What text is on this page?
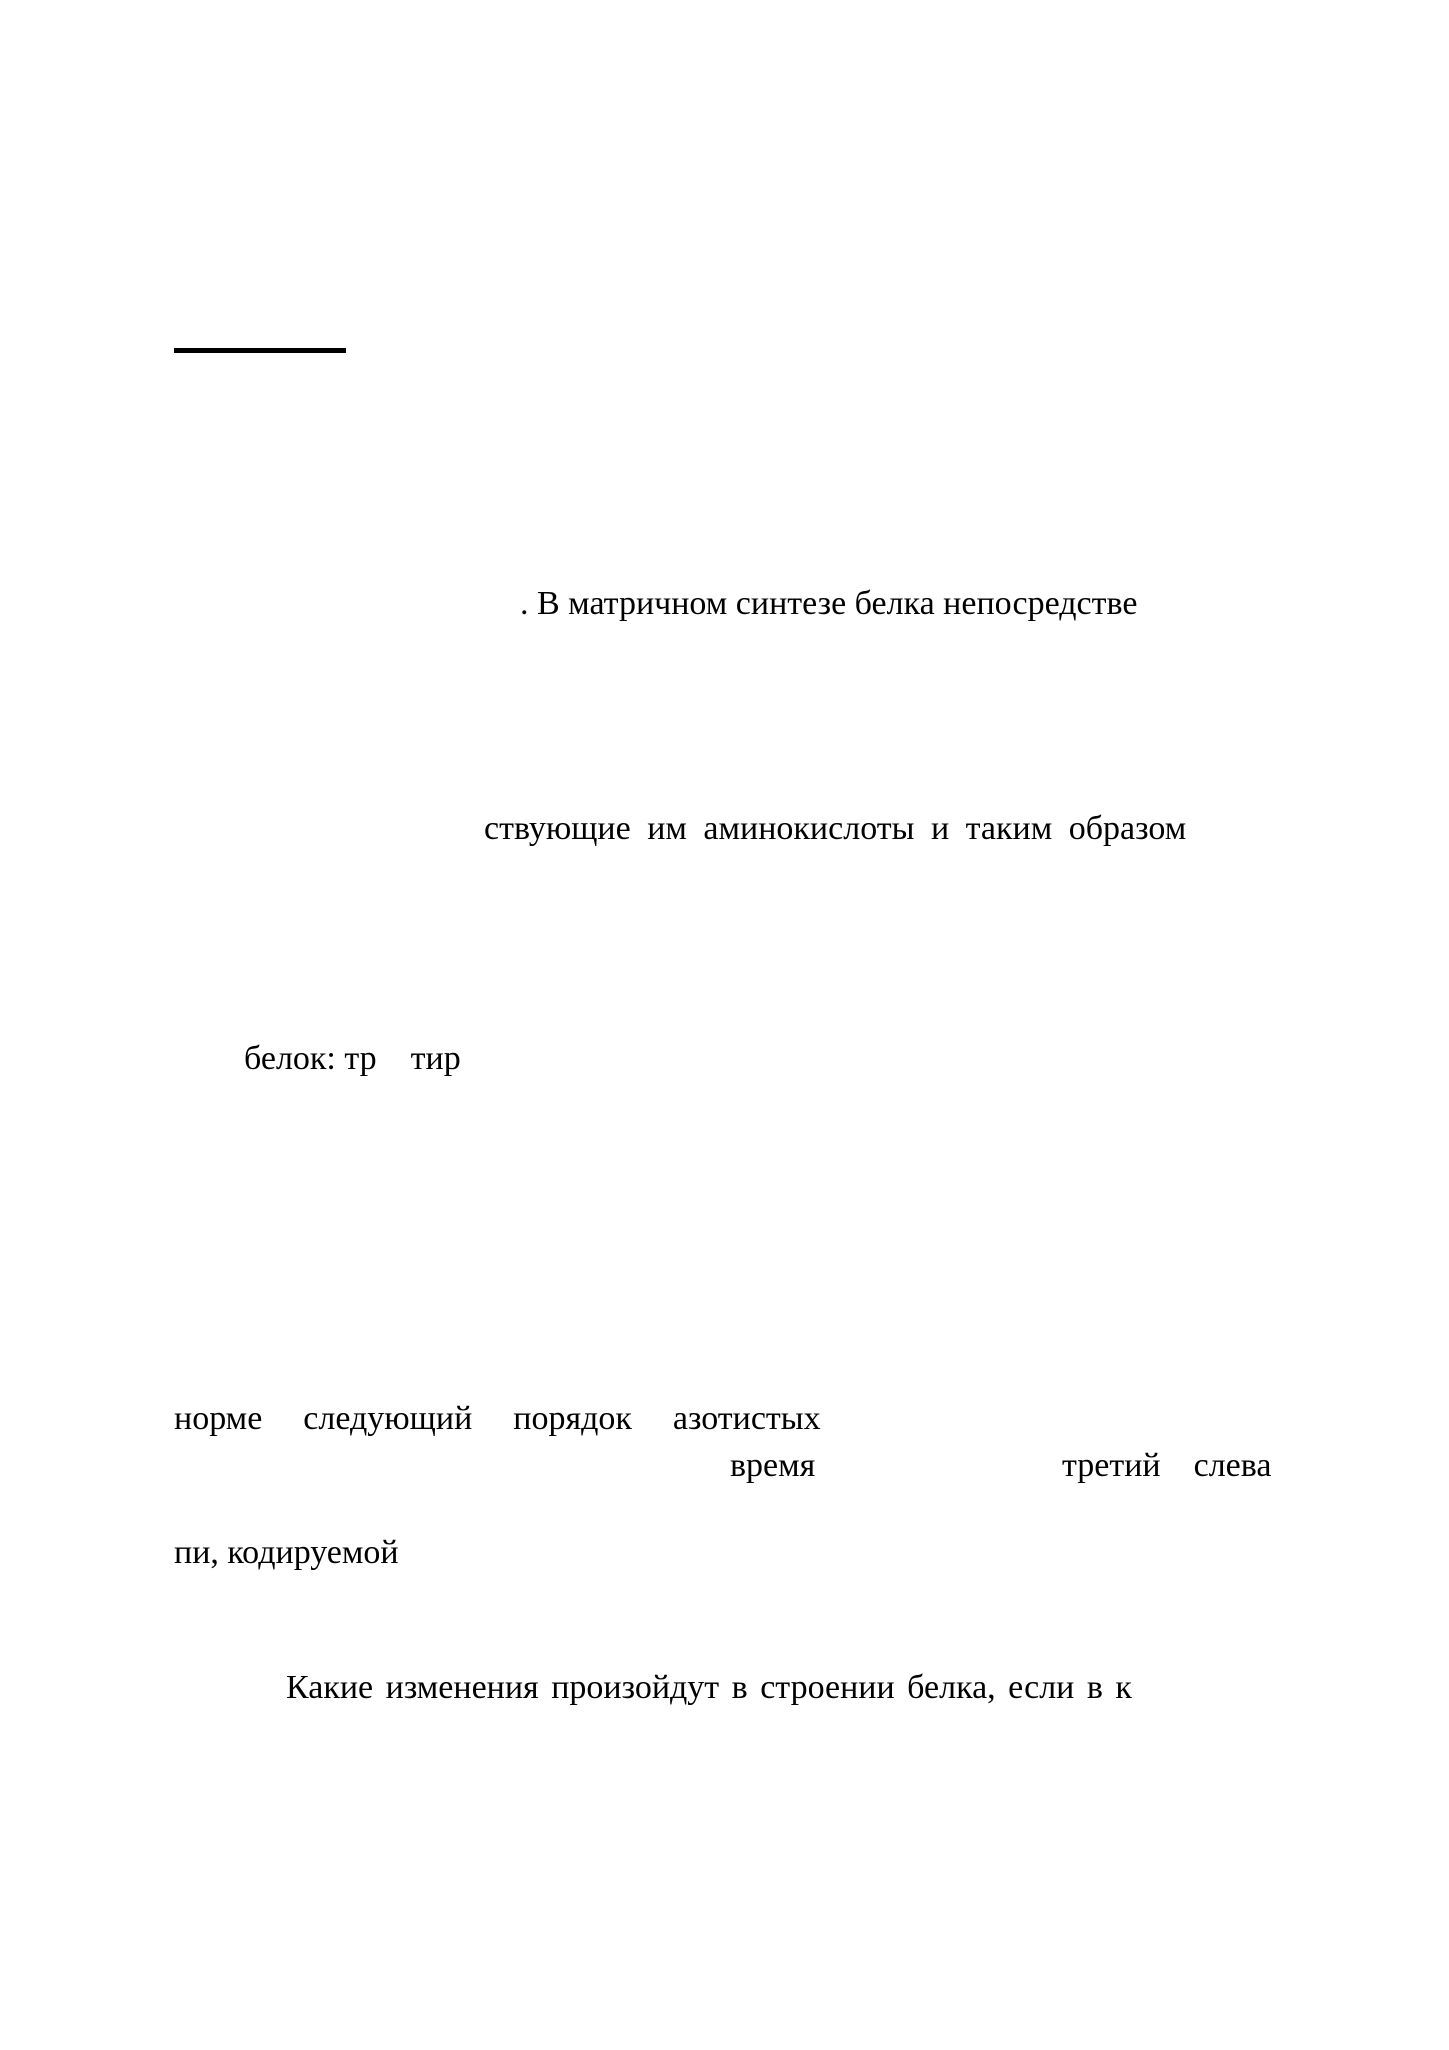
. В матричном синтезе белка непосредстве

ствующие им аминокислоты и таким образом

белок: тр    тир

норме  следующий  порядок  азотистых

время	третий  слева

пи, кодируемой

Какие изменения произойдут в строении белка, если в к
